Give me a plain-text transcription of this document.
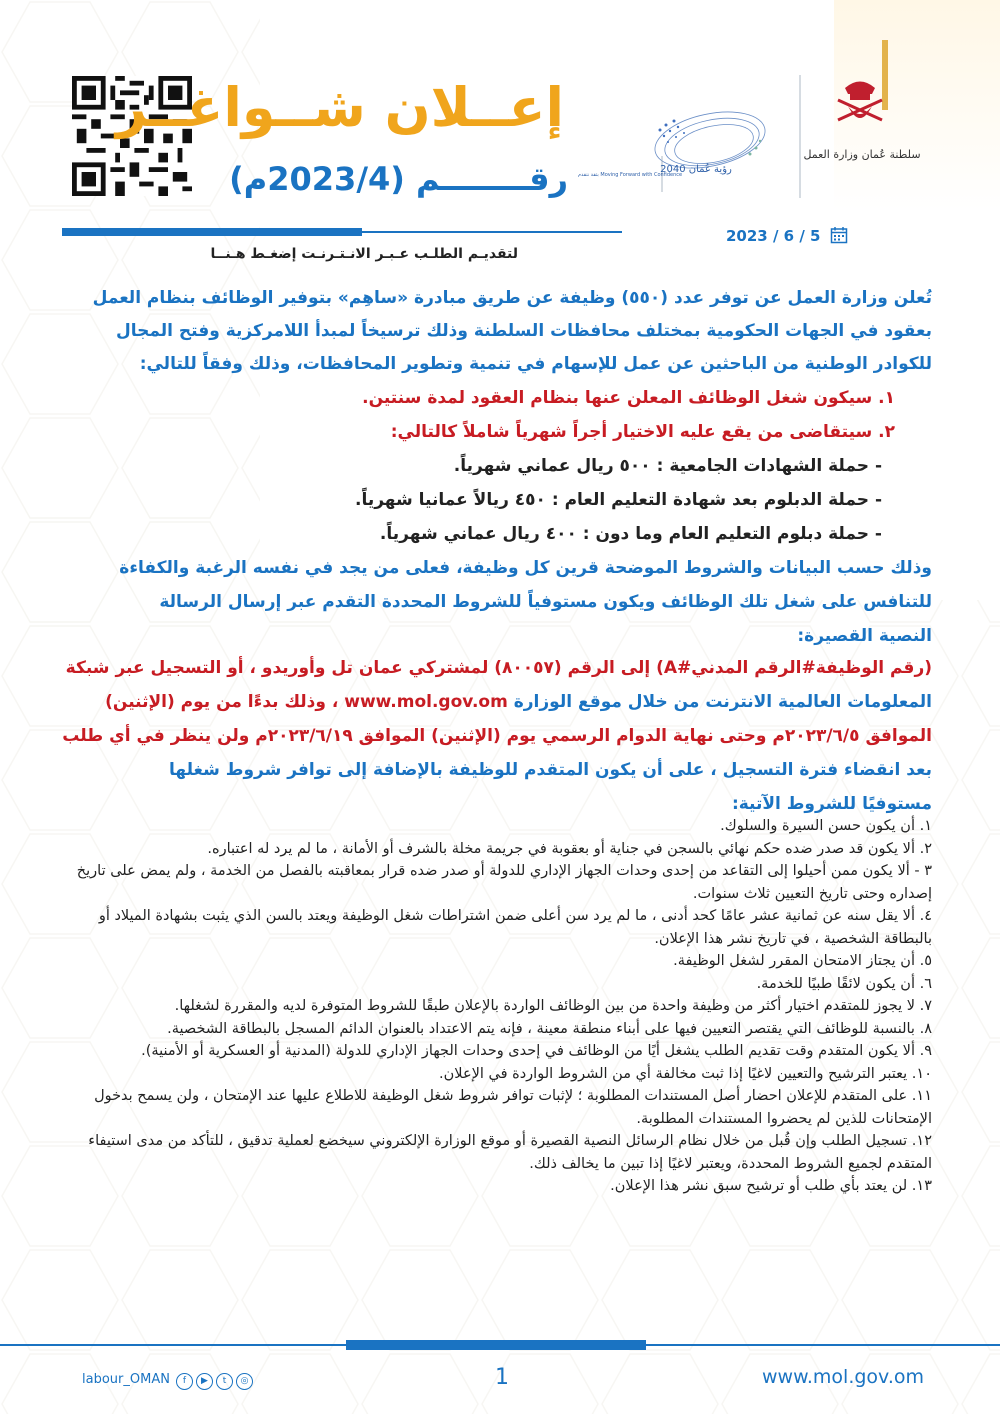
إعــلان شــواغــر
رقــــــــم (2023/4م)	رؤية عُمان 2040
بثقة نتقدم Moving Forward with Confidence
سلطنة عُمان وزارة العمل
2023 / 6 / 5
لتقديـم الطلـب عـبـر الانـتـرنـت إضغـط هـنــا
تُعلن وزارة العمل عن توفر عدد (٥٥٠) وظيفة عن طريق مبادرة «ساهِم» بتوفير الوظائف بنظام العمل
بعقود في الجهات الحكومية بمختلف محافظات السلطنة وذلك ترسيخاً لمبدأ اللامركزية وفتح المجال
للكوادر الوطنية من الباحثين عن عمل للإسهام في تنمية وتطوير المحافظات، وذلك وفقاً للتالي:
١. سيكون شغل الوظائف المعلن عنها بنظام العقود لمدة سنتين.
٢. سيتقاضى من يقع عليه الاختيار أجراً شهرياً شاملاً كالتالي:
- حملة الشهادات الجامعية : ٥٠٠ ريال عماني شهرياً.
- حملة الدبلوم بعد شهادة التعليم العام : ٤٥٠ ريالاً عمانيا شهرياً.
- حملة دبلوم التعليم العام وما دون : ٤٠٠ ريال عماني شهرياً.
وذلك حسب البيانات والشروط الموضحة قرين كل وظيفة، فعلى من يجد في نفسه الرغبة والكفاءة
للتنافس على شغل تلك الوظائف ويكون مستوفياً للشروط المحددة التقدم عبر إرسال الرسالة
النصية القصيرة:
(رقم الوظيفة#الرقم المدني#A) إلى الرقم (٨٠٠٥٧) لمشتركي عمان تل وأوريدو ، أو التسجيل عبر شبكة
المعلومات العالمية الانترنت من خلال موقع الوزارة www.mol.gov.om ، وذلك بدءًا من يوم (الإثنين)
الموافق ٢٠٢٣/٦/٥م وحتى نهاية الدوام الرسمي يوم (الإثنين) الموافق ٢٠٢٣/٦/١٩م ولن ينظر في أي طلب
بعد انقضاء فترة التسجيل ، على أن يكون المتقدم للوظيفة بالإضافة إلى توافر شروط شغلها
مستوفيًا للشروط الآتية:
١. أن يكون حسن السيرة والسلوك.
٢. ألا يكون قد صدر ضده حكم نهائي بالسجن في جناية أو بعقوبة في جريمة مخلة بالشرف أو الأمانة ، ما لم يرد له اعتباره.
٣ - ألا يكون ممن أحيلوا إلى التقاعد من إحدى وحدات الجهاز الإداري للدولة أو صدر ضده قرار بمعاقبته بالفصل من الخدمة ، ولم يمض على تاريخ إصداره وحتى تاريخ التعيين ثلاث سنوات.
٤. ألا يقل سنه عن ثمانية عشر عامًا كحد أدنى ، ما لم يرد سن أعلى ضمن اشتراطات شغل الوظيفة ويعتد بالسن الذي يثبت بشهادة الميلاد أو بالبطاقة الشخصية ، في تاريخ نشر هذا الإعلان.
٥. أن يجتاز الامتحان المقرر لشغل الوظيفة.
٦. أن يكون لائقًا طبيًا للخدمة.
٧. لا يجوز للمتقدم اختيار أكثر من وظيفة واحدة من بين الوظائف الواردة بالإعلان طبقًا للشروط المتوفرة لديه والمقررة لشغلها.
٨. بالنسبة للوظائف التي يقتصر التعيين فيها على أبناء منطقة معينة ، فإنه يتم الاعتداد بالعنوان الدائم المسجل بالبطاقة الشخصية.
٩. ألا يكون المتقدم وقت تقديم الطلب يشغل أيًا من الوظائف في إحدى وحدات الجهاز الإداري للدولة (المدنية أو العسكرية أو الأمنية).
١٠. يعتبر الترشيح والتعيين لاغيًا إذا ثبت مخالفة أي من الشروط الواردة في الإعلان.
١١. على المتقدم للإعلان احضار أصل المستندات المطلوبة ؛ لإثبات توافر شروط شغل الوظيفة للاطلاع عليها عند الإمتحان ، ولن يسمح بدخول الإمتحانات للذين لم يحضروا المستندات المطلوبة.
١٢. تسجيل الطلب وإن قُبل من خلال نظام الرسائل النصية القصيرة أو موقع الوزارة الإلكتروني سيخضع لعملية تدقيق ، للتأكد من مدى استيفاء المتقدم لجميع الشروط المحددة، ويعتبر لاغيًا إذا تبين ما يخالف ذلك.
١٣. لن يعتد بأي طلب أو ترشيح سبق نشر هذا الإعلان.
labour_OMAN	f ▶ t ◎	1	www.mol.gov.om
